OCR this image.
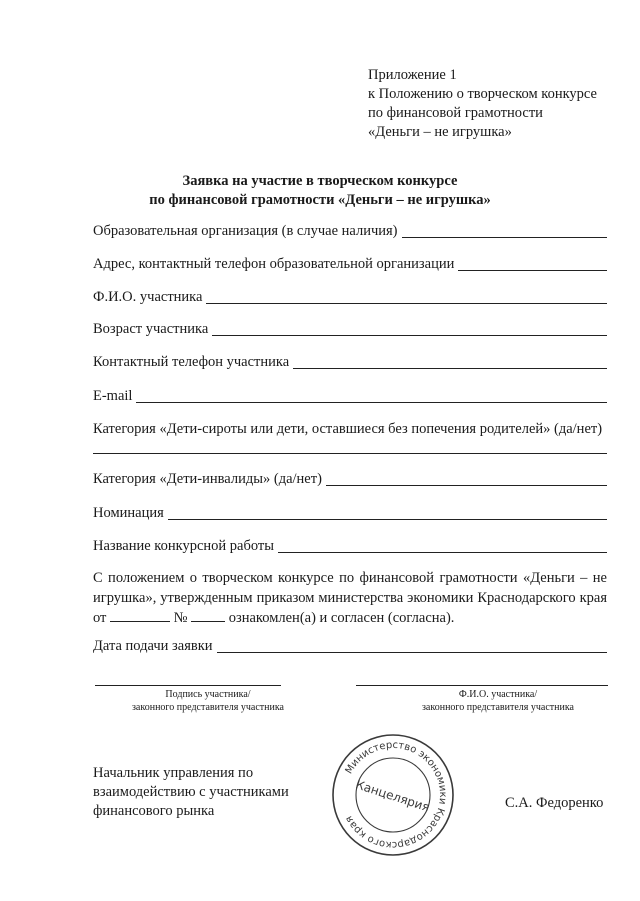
Приложение 1
к Положению о творческом конкурсе
по финансовой грамотности
«Деньги – не игрушка»
Заявка на участие в творческом конкурсе
по финансовой грамотности «Деньги – не игрушка»
Образовательная организация (в случае наличия)
Адрес, контактный телефон образовательной организации
Ф.И.О. участника
Возраст участника
Контактный телефон участника
E-mail
Категория «Дети-сироты или дети, оставшиеся без попечения родителей» (да/нет)
Категория «Дети-инвалиды» (да/нет)
Номинация
Название конкурсной работы
С положением о творческом конкурсе по финансовой грамотности «Деньги – не
игрушка», утвержденным приказом министерства экономики Краснодарского края
от	№	ознакомлен(а) и согласен (согласна).
Дата подачи заявки
Подпись участника/
законного представителя участника
Ф.И.О. участника/
законного представителя участника
Начальник управления по
взаимодействию с участниками
финансового рынка
Министерство экономики Краснодарского края
Канцелярия	С.А. Федоренко
